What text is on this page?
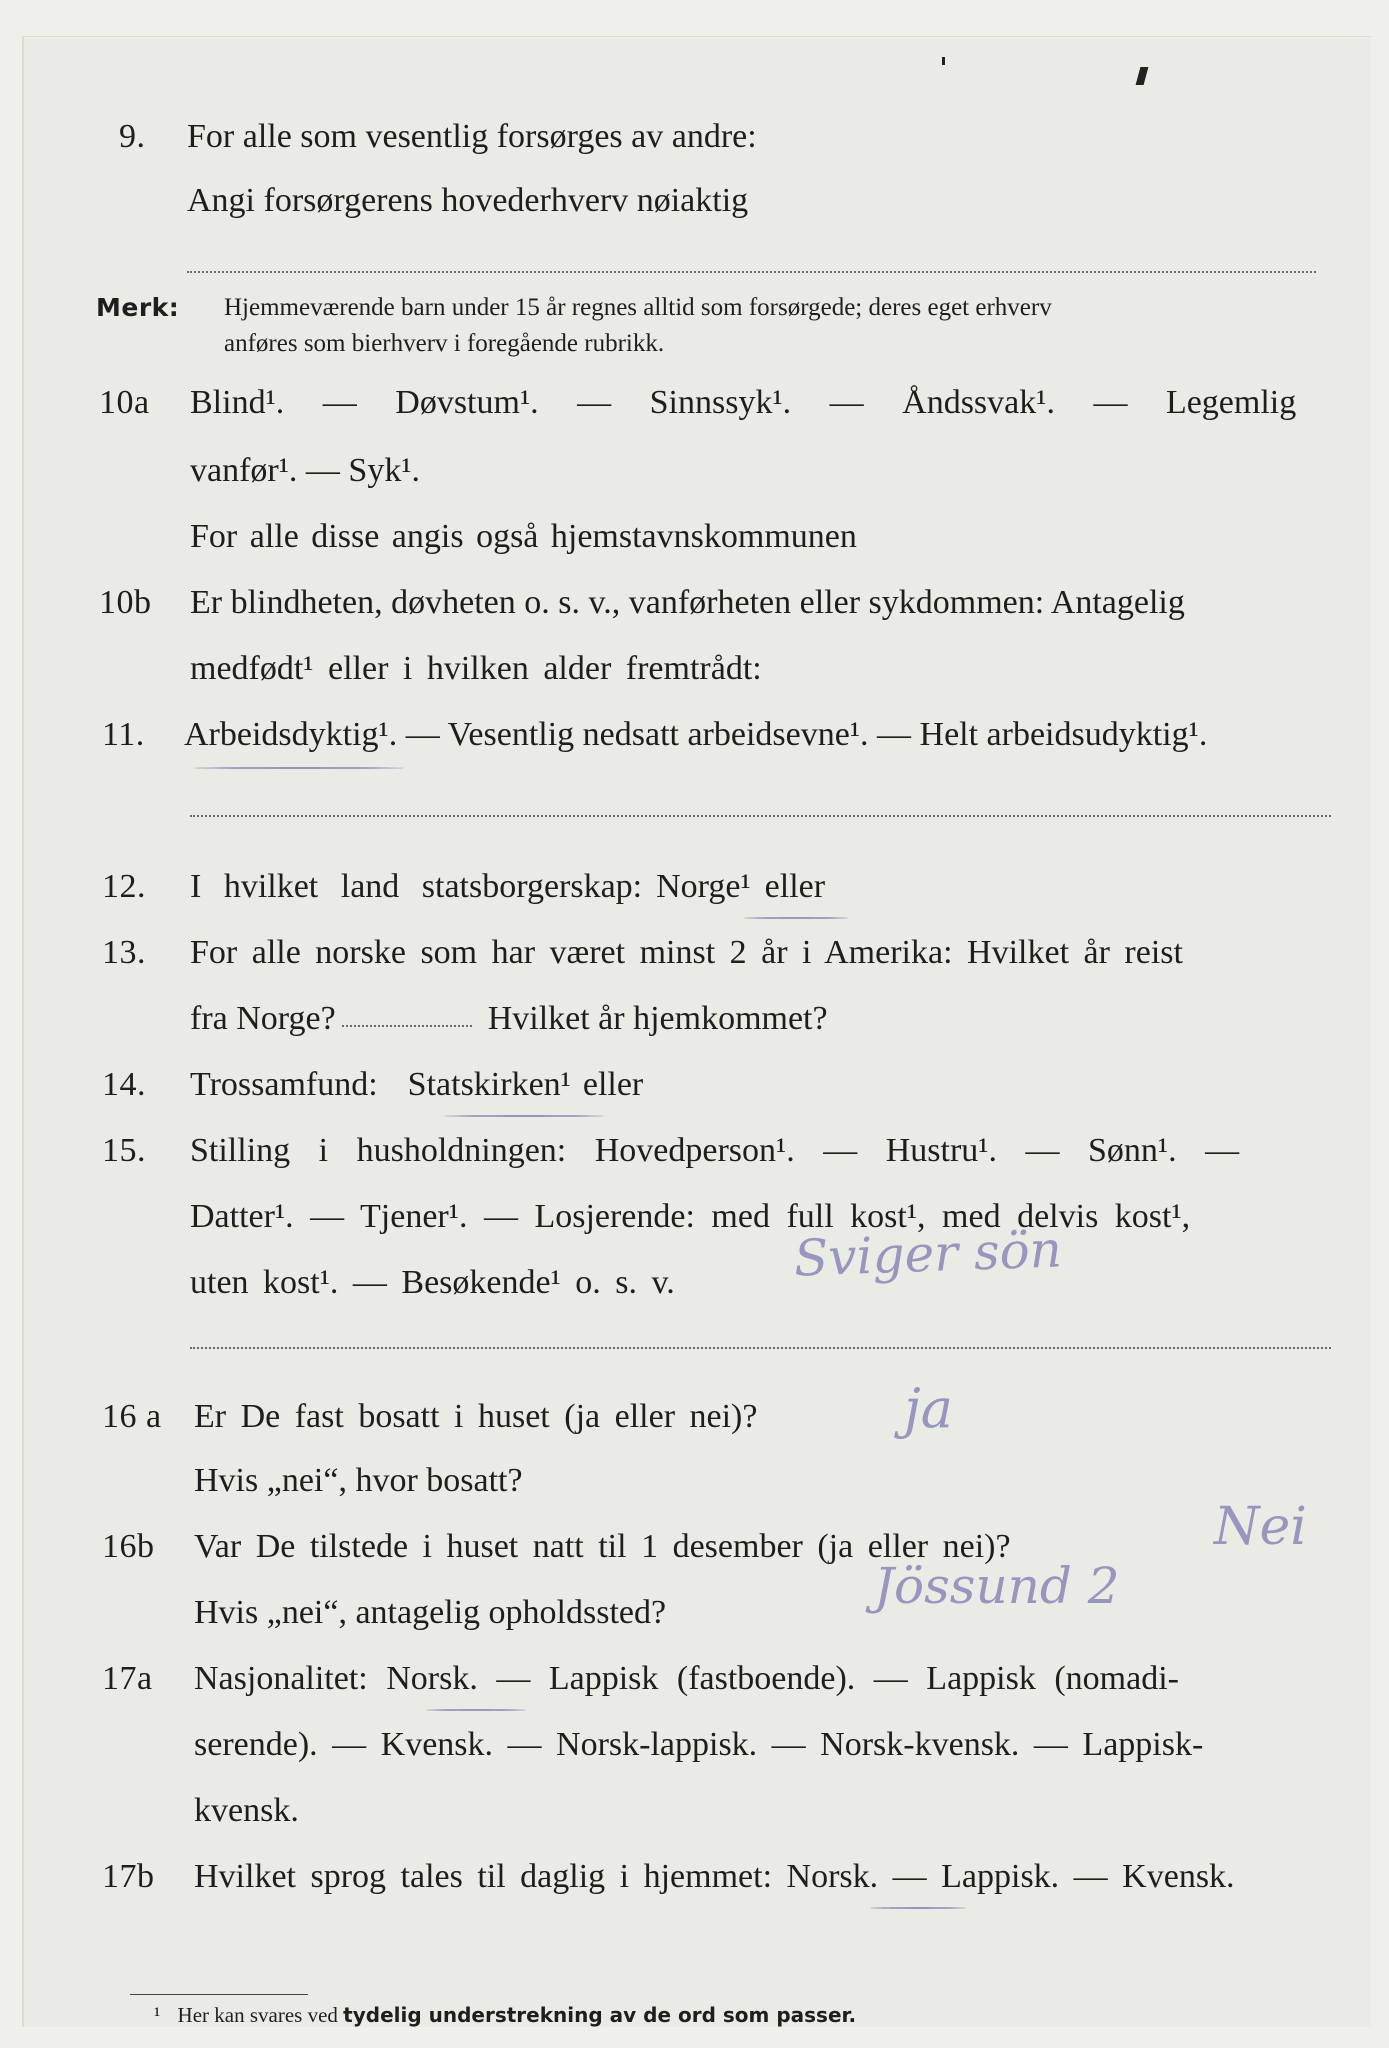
9.	For alle som vesentlig forsørges av andre:
Angi forsørgerens hovederhverv nøiaktig
Merk:	Hjemmeværende barn under 15 år regnes alltid som forsørgede; deres eget erhverv
anføres som bierhverv i foregående rubrikk.
10a	Blind¹. — Døvstum¹. — Sinnssyk¹. — Åndssvak¹. — Legemlig
vanfør¹. — Syk¹.
For alle disse angis også hjemstavnskommunen
10b	Er blindheten, døvheten o. s. v., vanførheten eller sykdommen: Antagelig
medfødt¹ eller i hvilken alder fremtrådt:
11.	Arbeidsdyktig¹. — Vesentlig nedsatt arbeidsevne¹. — Helt arbeidsudyktig¹.
12.	I hvilket land statsborgerskap: Norge¹ eller
13.	For alle norske som har været minst 2 år i Amerika: Hvilket år reist
fra Norge?	Hvilket år hjemkommet?
14.	Trossamfund: Statskirken¹ eller
15.	Stilling i husholdningen: Hovedperson¹. — Hustru¹. — Sønn¹. —
Datter¹. — Tjener¹. — Losjerende: med full kost¹, med delvis kost¹,
uten kost¹. — Besøkende¹ o. s. v. Sviger sön
16 a Er De fast bosatt i huset (ja eller nei)?	ja
Hvis „nei“, hvor bosatt?
16b	Var De tilstede i huset natt til 1 desember (ja eller nei)?	Nei
Hvis „nei“, antagelig opholdssted?	Jössund 2
17a	Nasjonalitet: Norsk. — Lappisk (fastboende). — Lappisk (nomadi-
serende). — Kvensk. — Norsk-lappisk. — Norsk-kvensk. — Lappisk-
kvensk.
17b	Hvilket sprog tales til daglig i hjemmet: Norsk. — Lappisk. — Kvensk.
¹ Her kan svares ved tydelig understrekning av de ord som passer.
